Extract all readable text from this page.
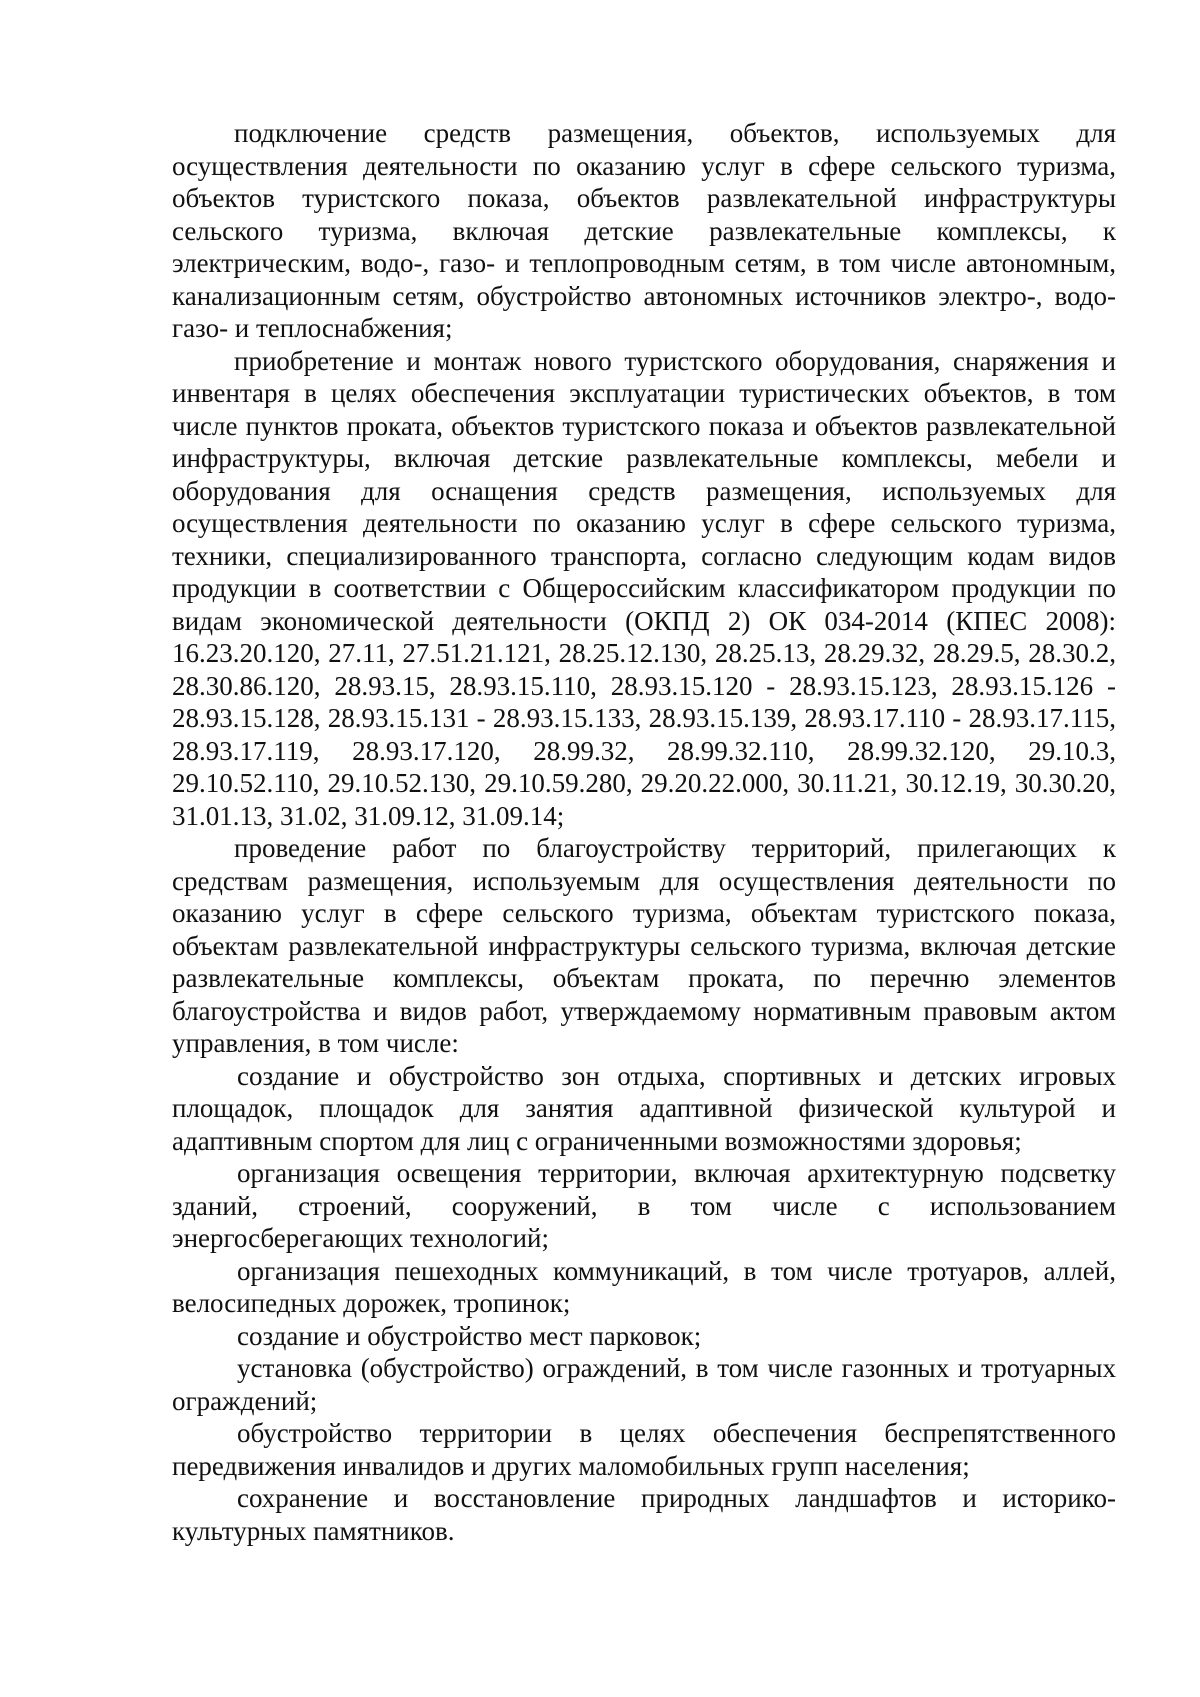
подключение средств размещения, объектов, используемых для осуществления деятельности по оказанию услуг в сфере сельского туризма, объектов туристского показа, объектов развлекательной инфраструктуры сельского туризма, включая детские развлекательные комплексы, к электрическим, водо-, газо- и теплопроводным сетям, в том числе автономным, канализационным сетям, обустройство автономных источников электро-, водо- газо- и теплоснабжения;

приобретение и монтаж нового туристского оборудования, снаряжения и инвентаря в целях обеспечения эксплуатации туристических объектов, в том числе пунктов проката, объектов туристского показа и объектов развлекательной инфраструктуры, включая детские развлекательные комплексы, мебели и оборудования для оснащения средств размещения, используемых для осуществления деятельности по оказанию услуг в сфере сельского туризма, техники, специализированного транспорта, согласно следующим кодам видов продукции в соответствии с Общероссийским классификатором продукции по видам экономической деятельности (ОКПД 2) ОК 034-2014 (КПЕС 2008): 16.23.20.120, 27.11, 27.51.21.121, 28.25.12.130, 28.25.13, 28.29.32, 28.29.5, 28.30.2, 28.30.86.120, 28.93.15, 28.93.15.110, 28.93.15.120 - 28.93.15.123, 28.93.15.126 - 28.93.15.128, 28.93.15.131 - 28.93.15.133, 28.93.15.139, 28.93.17.110 - 28.93.17.115, 28.93.17.119, 28.93.17.120, 28.99.32, 28.99.32.110, 28.99.32.120, 29.10.3, 29.10.52.110, 29.10.52.130, 29.10.59.280, 29.20.22.000, 30.11.21, 30.12.19, 30.30.20, 31.01.13, 31.02, 31.09.12, 31.09.14;

проведение работ по благоустройству территорий, прилегающих к средствам размещения, используемым для осуществления деятельности по оказанию услуг в сфере сельского туризма, объектам туристского показа, объектам развлекательной инфраструктуры сельского туризма, включая детские развлекательные комплексы, объектам проката, по перечню элементов благоустройства и видов работ, утверждаемому нормативным правовым актом управления, в том числе:

создание и обустройство зон отдыха, спортивных и детских игровых площадок, площадок для занятия адаптивной физической культурой и адаптивным спортом для лиц с ограниченными возможностями здоровья;

организация освещения территории, включая архитектурную подсветку зданий, строений, сооружений, в том числе с использованием энергосберегающих технологий;

организация пешеходных коммуникаций, в том числе тротуаров, аллей, велосипедных дорожек, тропинок;

создание и обустройство мест парковок;

установка (обустройство) ограждений, в том числе газонных и тротуарных ограждений;

обустройство территории в целях обеспечения беспрепятственного передвижения инвалидов и других маломобильных групп населения;

сохранение и восстановление природных ландшафтов и историко-культурных памятников.
